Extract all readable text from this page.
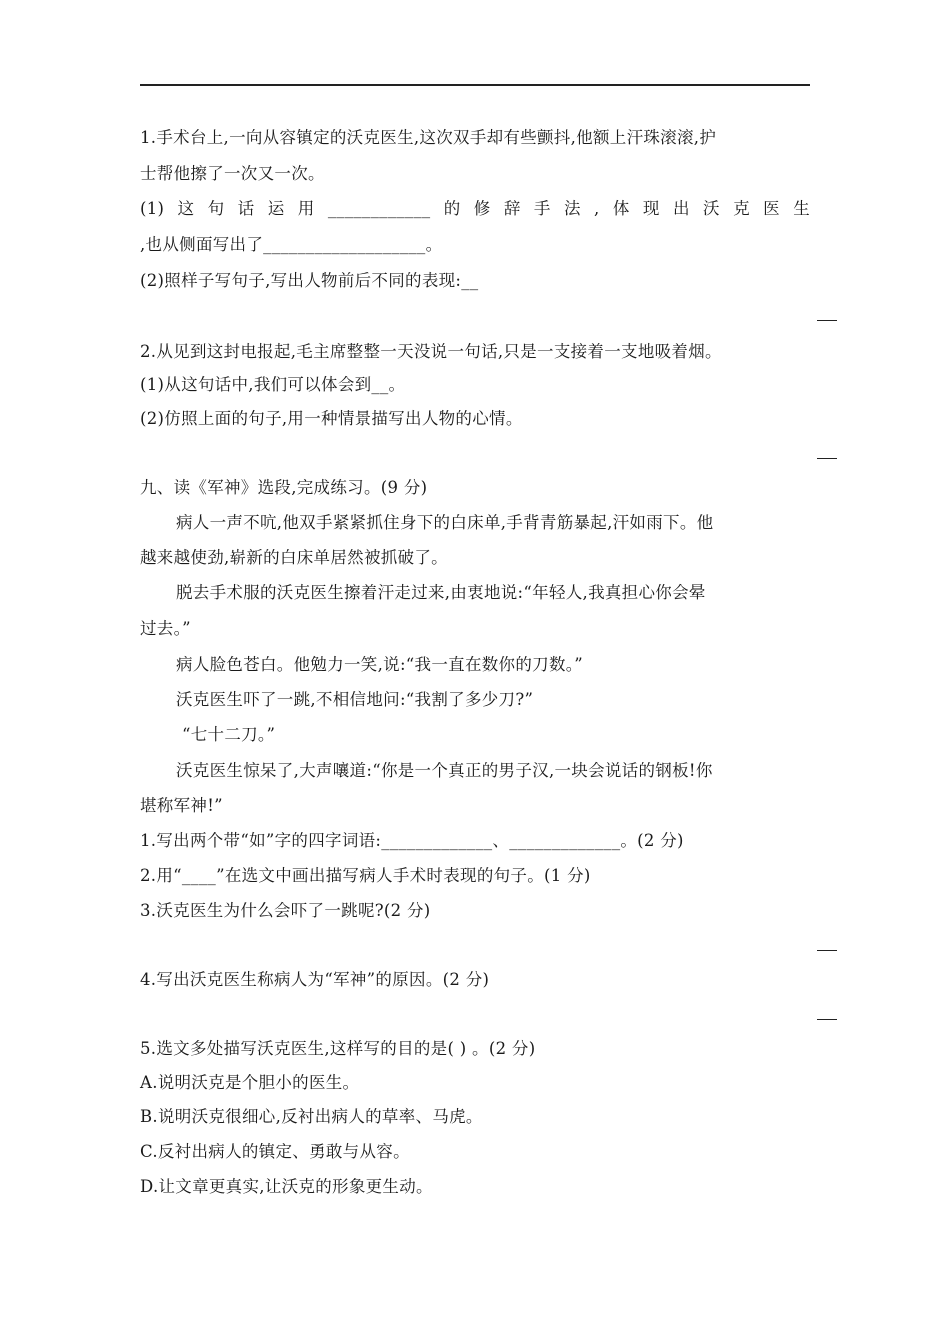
1.手术台上,一向从容镇定的沃克医生,这次双手却有些颤抖,他额上汗珠滚滚,护
士帮他擦了一次又一次。
(1) 这 句 话 运 用 ____________ 的 修 辞 手 法 , 体 现 出 沃 克 医 生
,也从侧面写出了___________________。
(2)照样子写句子,写出人物前后不同的表现:__
2.从见到这封电报起,毛主席整整一天没说一句话,只是一支接着一支地吸着烟。
(1)从这句话中,我们可以体会到__。
(2)仿照上面的句子,用一种情景描写出人物的心情。
九、读《军神》选段,完成练习。(9 分)
病人一声不吭,他双手紧紧抓住身下的白床单,手背青筋暴起,汗如雨下。他
越来越使劲,崭新的白床单居然被抓破了。
脱去手术服的沃克医生擦着汗走过来,由衷地说:“年轻人,我真担心你会晕
过去。”
病人脸色苍白。他勉力一笑,说:“我一直在数你的刀数。”
沃克医生吓了一跳,不相信地问:“我割了多少刀?”
“七十二刀。”
沃克医生惊呆了,大声嚷道:“你是一个真正的男子汉,一块会说话的钢板!你
堪称军神!”
1.写出两个带“如”字的四字词语:_____________、_____________。(2 分)
2.用“____”在选文中画出描写病人手术时表现的句子。(1 分)
3.沃克医生为什么会吓了一跳呢?(2 分)
4.写出沃克医生称病人为“军神”的原因。(2 分)
5.选文多处描写沃克医生,这样写的目的是( ) 。(2 分)
A.说明沃克是个胆小的医生。
B.说明沃克很细心,反衬出病人的草率、马虎。
C.反衬出病人的镇定、勇敢与从容。
D.让文章更真实,让沃克的形象更生动。
